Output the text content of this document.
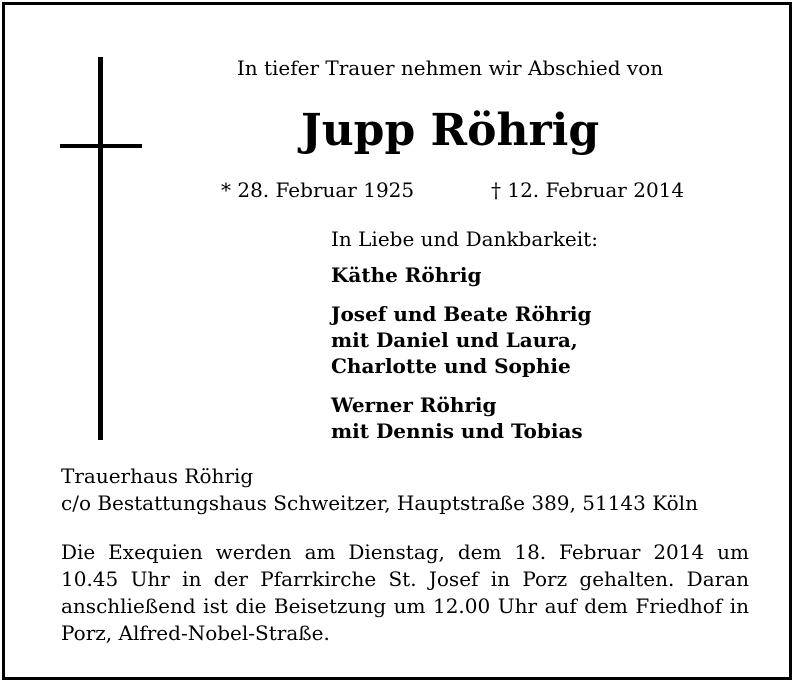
In tiefer Trauer nehmen wir Abschied von
Jupp Röhrig
* 28. Februar 1925	† 12. Februar 2014
In Liebe und Dankbarkeit:
Käthe Röhrig
Josef und Beate Röhrig
mit Daniel und Laura,
Charlotte und Sophie
Werner Röhrig
mit Dennis und Tobias
Trauerhaus Röhrig
c/o Bestattungshaus Schweitzer, Hauptstraße 389, 51143 Köln
Die Exequien werden am Dienstag, dem 18. Februar 2014 um 10.45 Uhr in der Pfarrkirche St. Josef in Porz gehalten. Daran anschließend ist die Beisetzung um 12.00 Uhr auf dem Friedhof in Porz, Alfred-Nobel-Straße.
